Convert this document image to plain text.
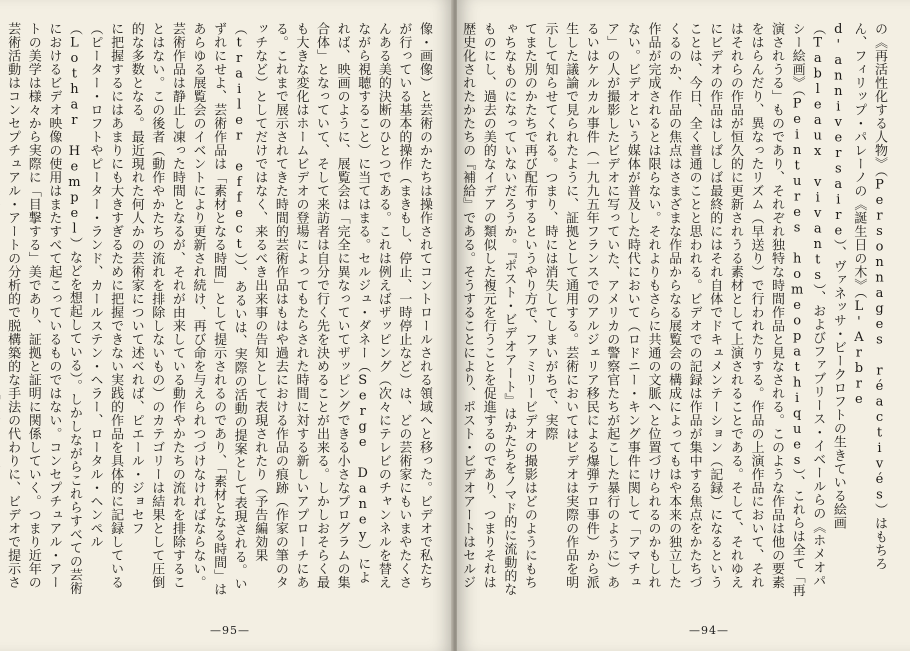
像・画像）と芸術のかたちは操作されてコントロールされる領域へと移った。ビデオで私たちが行っている基本的操作（まきもし、停止、一時停止など）は、どの芸術家にもいまやたくさんある美的決断のひとつである。これは例えばザッピング（次々にテレビのチャンネルを替えながら視聴すること）に当てはまる。セルジュ・ダネー（Serge Daney）によれば、映画のように、展覧会は「完全に異なっていてザッピングできる小さなプログラムの集合体」となっていて、そして来訪者は自分で行く先を決めることが出来る。しかしおそらく最も大きな変化はホームビデオの登場によってもたらされた時間に対する新しいアプローチにある。これまで展示されてきた時間的芸術作品はもはや過去における作品の痕跡（作家の筆のタッチなど）としてだけではなく、来るべき出来事の告知として表現されたり（予告編効果（trailer effect））、あるいは、実際の活動の提案として表現される。いずれにせよ、芸術作品は「素材となる時間」として提示されるのであり、「素材となる時間」はあらゆる展覧会のイベントにより更新され続け、再び命を与えられつづけなければならない。芸術作品は静止し凍った時間となるが、それが由来している動作やかたちの流れを排除することはない。この後者（動作やかたちの流れを排除しないもの）のカテゴリーは結果として圧倒的な多数となる。最近現れた何人かの芸術家について述べれば、ピエール・ジョセフ

に把握するにはあまりにも大きすぎるために把握できない実践的作品を具体的に記録している（ピーター・ロフトやピーター・ランド、カールステン・ヘラー、ロータル・ヘンペル（Lothar Hempel）などを想起している）。しかしながらこれらすべての芸術におけるビデオ映像の使用はまたすべて起こっているものではない。コンセプチュアル・アートの美学は様々から実際に「目撃する」美であり、証拠と証明に関係していく。つまり近年の芸術活動はコンセプチュアル・アートの分析的で脱構築的な手法の代わりに、ビデオで提示さ

—95—

の《再活性化する人物》（Personnages réactivés）はもちろん、フィリップ・パレーノの《誕生日の木》（L'Arbre d'anniversaire）、ヴァネッサ・ビークロフトの生きている絵画（Tableaux vivants）、およびファブリース・イベールらの《ホメオパシー絵画》（Peintures homeopathiques）、これらは全て「再演されうる」ものであり、それぞれ独特な時間作品と見なされる。このような作品は他の要素をはらんだり、異なったリズム（早送り）で行われたりする。作品の上演作品において、それはそれらの作品が恒久的に更新されうる素材として上演されることである。そして、それゆえにビデオの作品はしばしば最終的にはそれ自体でドキュメンテーション（記録）になるということは、今日、全く普通のことと思われる。ビデオでの記録は作品が集中する焦点をかたちづくるのか、作品の焦点はさまざまな作品からなる展覧会の構成によってもはや本来の独立した作品が完成されるとは限らない。それよりもさらに共通の文脈へと位置づけられるのかもしれない。ビデオという媒体が普及した時代において（ロドニー・キング事件に関して「アマチュア」の人が撮影したビデオに写っていた、アメリカの警察官たちが起こした暴行のように）あるいはケルカル事件（一九九五年フランスでのアルジェリア移民による爆弾テロ事件）から派生した議論で見られたように、証拠として通用する。芸術においてはビデオは実際の作品を明示して知らせてくれる。つまり、時には消失してしまいがちで、実際

てまた別のかたちで再び配布するというやり方で、ファミリービデオの撮影はどのようにもちゃちなものになっていないだろうか。『ポスト・ビデオアート』はかたちをノマド的に流動的なものにし、過去の美的なイデアの類似した複元を行うことを促進するのであり、つまりそれは歴史化されたかたちの『補給』である。そうすることにより、ポスト・ビデオアートはセルジ

—94—
